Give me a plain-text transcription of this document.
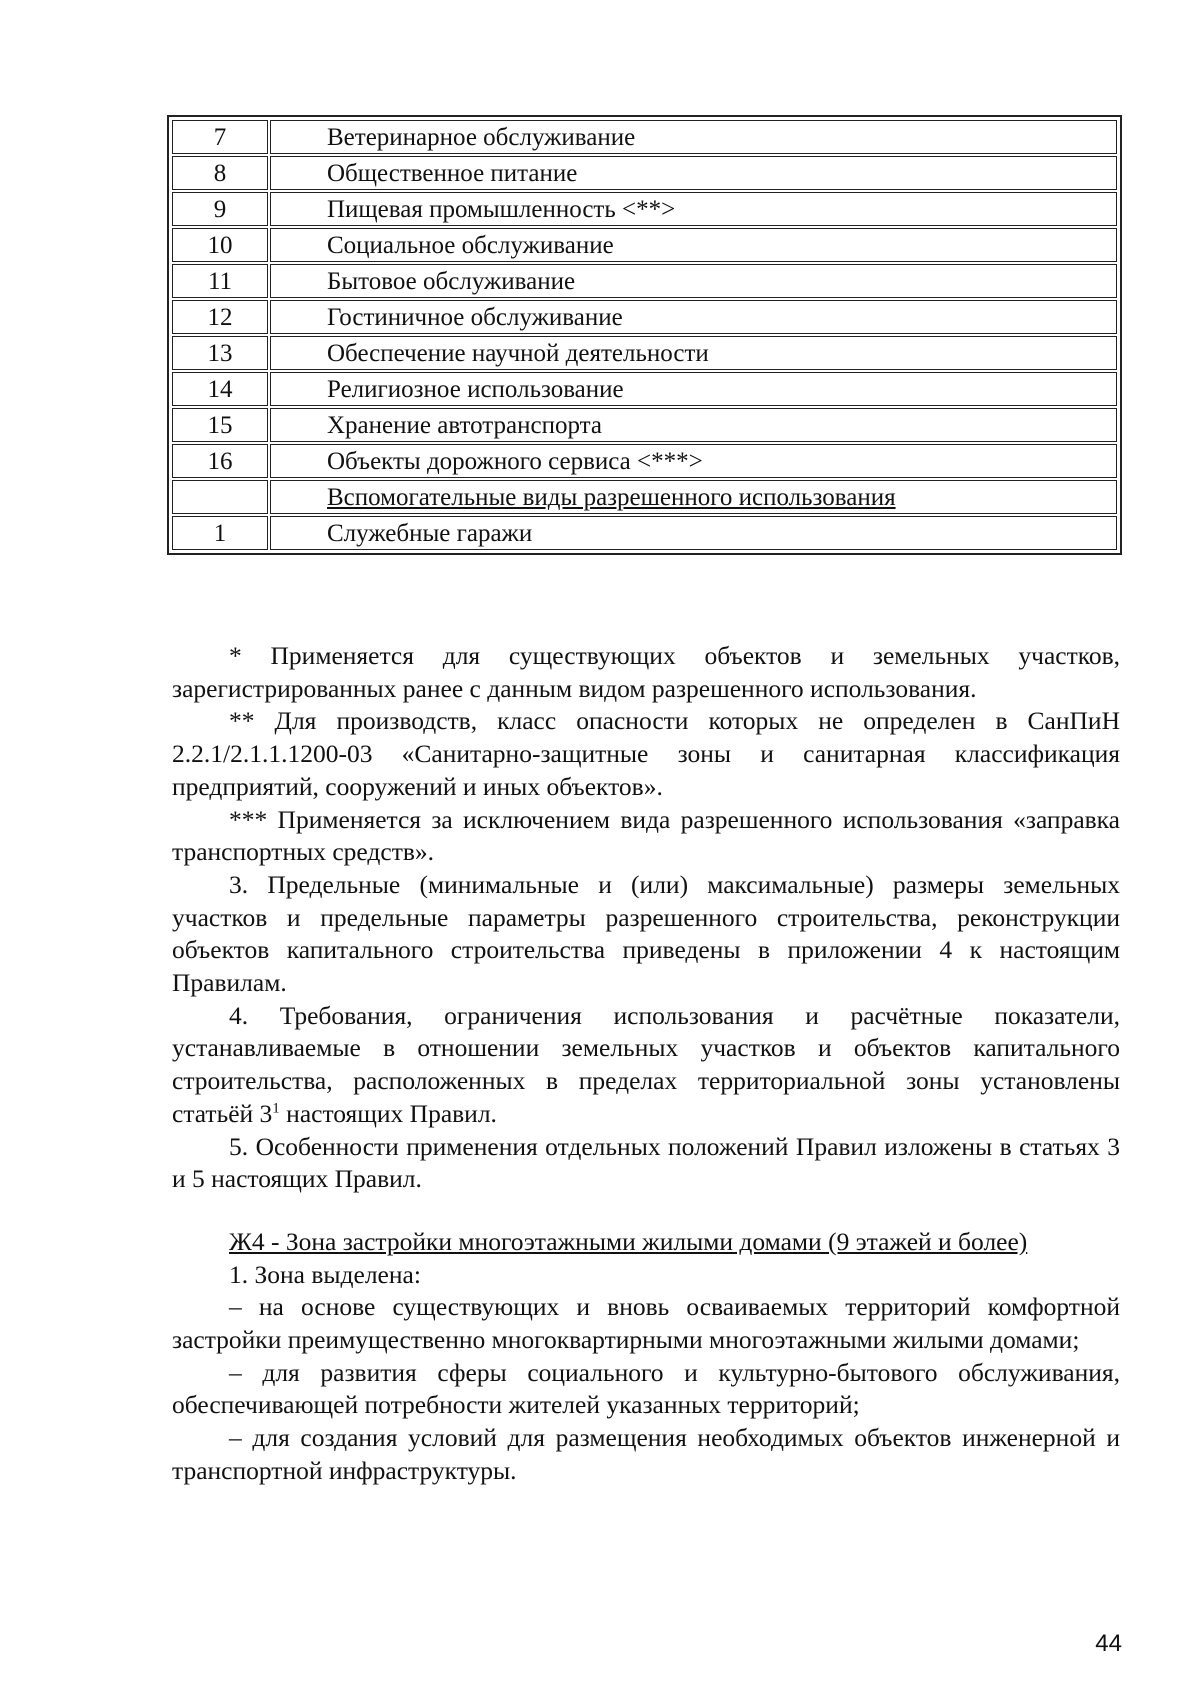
7	Ветеринарное обслуживание
8	Общественное питание
9	Пищевая промышленность <**>
10	Социальное обслуживание
11	Бытовое обслуживание
12	Гостиничное обслуживание
13	Обеспечение научной деятельности
14	Религиозное использование
15	Хранение автотранспорта
16	Объекты дорожного сервиса <***>
	Вспомогательные виды разрешенного использования
1	Служебные гаражи

* Применяется для существующих объектов и земельных участков, зарегистрированных ранее с данным видом разрешенного использования.

** Для производств, класс опасности которых не определен в СанПиН 2.2.1/2.1.1.1200-03 «Санитарно-защитные зоны и санитарная классификация предприятий, сооружений и иных объектов».

*** Применяется за исключением вида разрешенного использования «заправка транспортных средств».

3. Предельные (минимальные и (или) максимальные) размеры земельных участков и предельные параметры разрешенного строительства, реконструкции объектов капитального строительства приведены в приложении 4 к настоящим Правилам.

4. Требования, ограничения использования и расчётные показатели, устанавливаемые в отношении земельных участков и объектов капитального строительства, расположенных в пределах территориальной зоны установлены статьёй $3^1$ настоящих Правил.

5. Особенности применения отдельных положений Правил изложены в статьях 3 и 5 настоящих Правил.

Ж4 - Зона застройки многоэтажными жилыми домами (9 этажей и более)

1. Зона выделена:

– на основе существующих и вновь осваиваемых территорий комфортной застройки преимущественно многоквартирными многоэтажными жилыми домами;

– для развития сферы социального и культурно-бытового обслуживания, обеспечивающей потребности жителей указанных территорий;

– для создания условий для размещения необходимых объектов инженерной и транспортной инфраструктуры.

44
